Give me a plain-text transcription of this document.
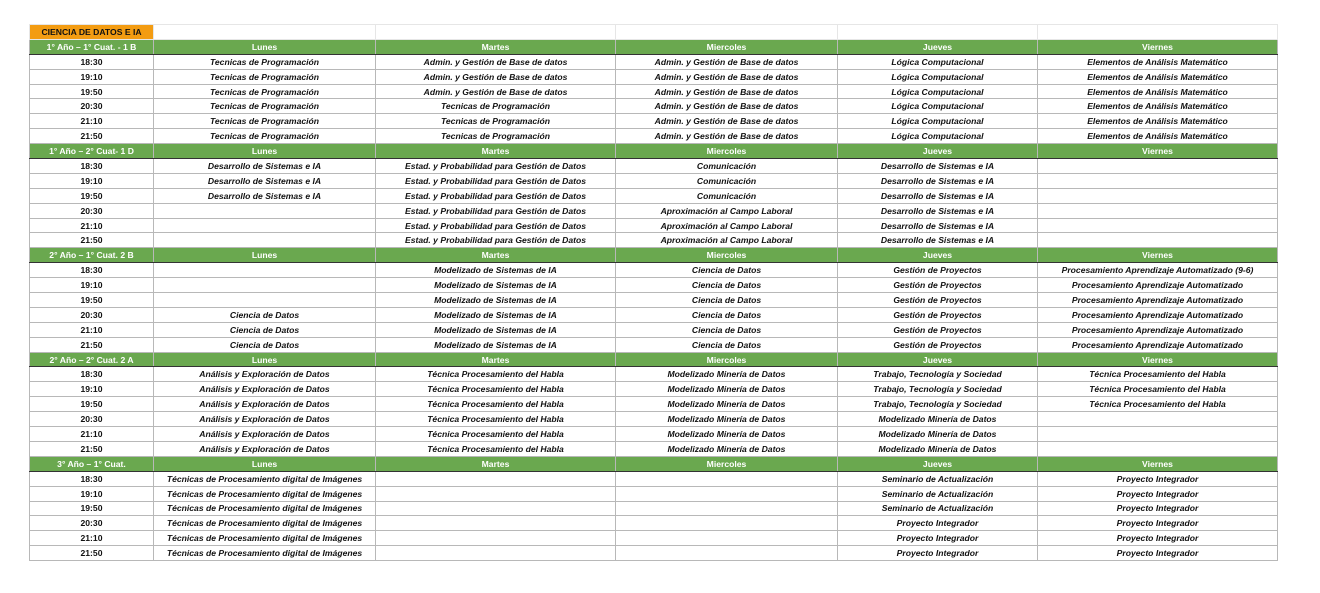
CIENCIA DE DATOS E IA					
1° Año – 1° Cuat. - 1 B	Lunes	Martes	Miercoles	Jueves	Viernes
18:30	Tecnicas de Programación	Admin. y Gestión de Base de datos	Admin. y Gestión de Base de datos	Lógica Computacional	Elementos de Análisis Matemático
19:10	Tecnicas de Programación	Admin. y Gestión de Base de datos	Admin. y Gestión de Base de datos	Lógica Computacional	Elementos de Análisis Matemático
19:50	Tecnicas de Programación	Admin. y Gestión de Base de datos	Admin. y Gestión de Base de datos	Lógica Computacional	Elementos de Análisis Matemático
20:30	Tecnicas de Programación	Tecnicas de Programación	Admin. y Gestión de Base de datos	Lógica Computacional	Elementos de Análisis Matemático
21:10	Tecnicas de Programación	Tecnicas de Programación	Admin. y Gestión de Base de datos	Lógica Computacional	Elementos de Análisis Matemático
21:50	Tecnicas de Programación	Tecnicas de Programación	Admin. y Gestión de Base de datos	Lógica Computacional	Elementos de Análisis Matemático
1° Año – 2° Cuat- 1 D	Lunes	Martes	Miercoles	Jueves	Viernes
18:30	Desarrollo de Sistemas e IA	Estad. y Probabilidad para Gestión de Datos	Comunicación	Desarrollo de Sistemas e IA	
19:10	Desarrollo de Sistemas e IA	Estad. y Probabilidad para Gestión de Datos	Comunicación	Desarrollo de Sistemas e IA	
19:50	Desarrollo de Sistemas e IA	Estad. y Probabilidad para Gestión de Datos	Comunicación	Desarrollo de Sistemas e IA	
20:30		Estad. y Probabilidad para Gestión de Datos	Aproximación al Campo Laboral	Desarrollo de Sistemas e IA	
21:10		Estad. y Probabilidad para Gestión de Datos	Aproximación al Campo Laboral	Desarrollo de Sistemas e IA	
21:50		Estad. y Probabilidad para Gestión de Datos	Aproximación al Campo Laboral	Desarrollo de Sistemas e IA	
2° Año – 1° Cuat. 2 B	Lunes	Martes	Miercoles	Jueves	Viernes
18:30		Modelizado de Sistemas de IA	Ciencia de Datos	Gestión de Proyectos	Procesamiento Aprendizaje Automatizado (9-6)
19:10		Modelizado de Sistemas de IA	Ciencia de Datos	Gestión de Proyectos	Procesamiento Aprendizaje Automatizado
19:50		Modelizado de Sistemas de IA	Ciencia de Datos	Gestión de Proyectos	Procesamiento Aprendizaje Automatizado
20:30	Ciencia de Datos	Modelizado de Sistemas de IA	Ciencia de Datos	Gestión de Proyectos	Procesamiento Aprendizaje Automatizado
21:10	Ciencia de Datos	Modelizado de Sistemas de IA	Ciencia de Datos	Gestión de Proyectos	Procesamiento Aprendizaje Automatizado
21:50	Ciencia de Datos	Modelizado de Sistemas de IA	Ciencia de Datos	Gestión de Proyectos	Procesamiento Aprendizaje Automatizado
2° Año – 2° Cuat. 2 A	Lunes	Martes	Miercoles	Jueves	Viernes
18:30	Análisis y Exploración de Datos	Técnica Procesamiento del Habla	Modelizado Minería de Datos	Trabajo, Tecnología y Sociedad	Técnica Procesamiento del Habla
19:10	Análisis y Exploración de Datos	Técnica Procesamiento del Habla	Modelizado Minería de Datos	Trabajo, Tecnología y Sociedad	Técnica Procesamiento del Habla
19:50	Análisis y Exploración de Datos	Técnica Procesamiento del Habla	Modelizado Minería de Datos	Trabajo, Tecnología y Sociedad	Técnica Procesamiento del Habla
20:30	Análisis y Exploración de Datos	Técnica Procesamiento del Habla	Modelizado Minería de Datos	Modelizado Minería de Datos	
21:10	Análisis y Exploración de Datos	Técnica Procesamiento del Habla	Modelizado Minería de Datos	Modelizado Minería de Datos	
21:50	Análisis y Exploración de Datos	Técnica Procesamiento del Habla	Modelizado Minería de Datos	Modelizado Minería de Datos	
3° Año – 1° Cuat.	Lunes	Martes	Miercoles	Jueves	Viernes
18:30	Técnicas de Procesamiento digital de Imágenes			Seminario de Actualización	Proyecto Integrador
19:10	Técnicas de Procesamiento digital de Imágenes			Seminario de Actualización	Proyecto Integrador
19:50	Técnicas de Procesamiento digital de Imágenes			Seminario de Actualización	Proyecto Integrador
20:30	Técnicas de Procesamiento digital de Imágenes			Proyecto Integrador	Proyecto Integrador
21:10	Técnicas de Procesamiento digital de Imágenes			Proyecto Integrador	Proyecto Integrador
21:50	Técnicas de Procesamiento digital de Imágenes			Proyecto Integrador	Proyecto Integrador
